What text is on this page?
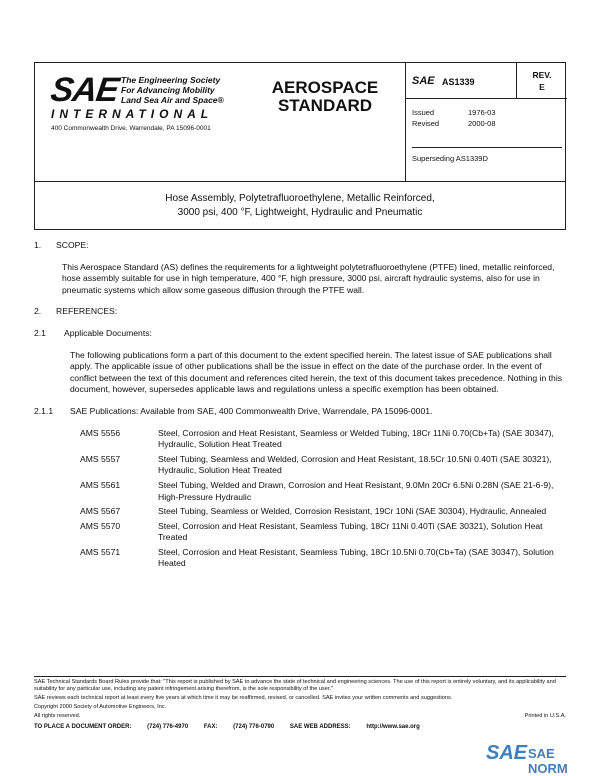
SAE The Engineering Society
For Advancing Mobility
Land Sea Air and Space®
INTERNATIONAL
400 Commonwealth Drive, Warrendale, PA 15096-0001
AEROSPACE
STANDARD
SAE AS1339
REV.
E
Issued	1976-03
Revised	2000-08
Superseding AS1339D
Hose Assembly, Polytetrafluoroethylene, Metallic Reinforced,
3000 psi, 400 °F, Lightweight, Hydraulic and Pneumatic
1.	SCOPE:
This Aerospace Standard (AS) defines the requirements for a lightweight polytetrafluoroethylene (PTFE) lined, metallic reinforced, hose assembly suitable for use in high temperature, 400 °F, high pressure, 3000 psi, aircraft hydraulic systems, also for use in pneumatic systems which allow some gaseous diffusion through the PTFE wall.
2.	REFERENCES:
2.1	Applicable Documents:
The following publications form a part of this document to the extent specified herein. The latest issue of SAE publications shall apply. The applicable issue of other publications shall be the issue in effect on the date of the purchase order. In the event of conflict between the text of this document and references cited herein, the text of this document takes precedence. Nothing in this document, however, supersedes applicable laws and regulations unless a specific exemption has been obtained.
2.1.1	SAE Publications: Available from SAE, 400 Commonwealth Drive, Warrendale, PA 15096-0001.
AMS 5556	Steel, Corrosion and Heat Resistant, Seamless or Welded Tubing, 18Cr 11Ni 0.70(Cb+Ta) (SAE 30347), Hydraulic, Solution Heat Treated
AMS 5557	Steel Tubing, Seamless and Welded, Corrosion and Heat Resistant, 18.5Cr 10.5Ni 0.40Ti (SAE 30321), Hydraulic, Solution Heat Treated
AMS 5561	Steel Tubing, Welded and Drawn, Corrosion and Heat Resistant, 9.0Mn 20Cr 6.5Ni 0.28N (SAE 21-6-9), High-Pressure Hydraulic
AMS 5567	Steel Tubing, Seamless or Welded, Corrosion Resistant, 19Cr 10Ni (SAE 30304), Hydraulic, Annealed
AMS 5570	Steel, Corrosion and Heat Resistant, Seamless Tubing, 18Cr 11Ni 0.40Ti (SAE 30321), Solution Heat Treated
AMS 5571	Steel, Corrosion and Heat Resistant, Seamless Tubing, 18Cr 10.5Ni 0.70(Cb+Ta) (SAE 30347), Solution Heated

SAE Technical Standards Board Rules provide that: "This report is published by SAE to advance the state of technical and engineering sciences. The use of this report is entirely voluntary, and its applicability and suitability for any particular use, including any patent infringement arising therefrom, is the sole responsibility of the user."

SAE reviews each technical report at least every five years at which time it may be reaffirmed, revised, or cancelled. SAE invites your written comments and suggestions.

Copyright 2000 Society of Automotive Engineers, Inc.

All rights reserved.	Printed in U.S.A.
TO PLACE A DOCUMENT ORDER:	(724) 776-4970	FAX:	(724) 776-0790	SAE WEB ADDRESS:	http://www.sae.org
SAE SAE NORM
